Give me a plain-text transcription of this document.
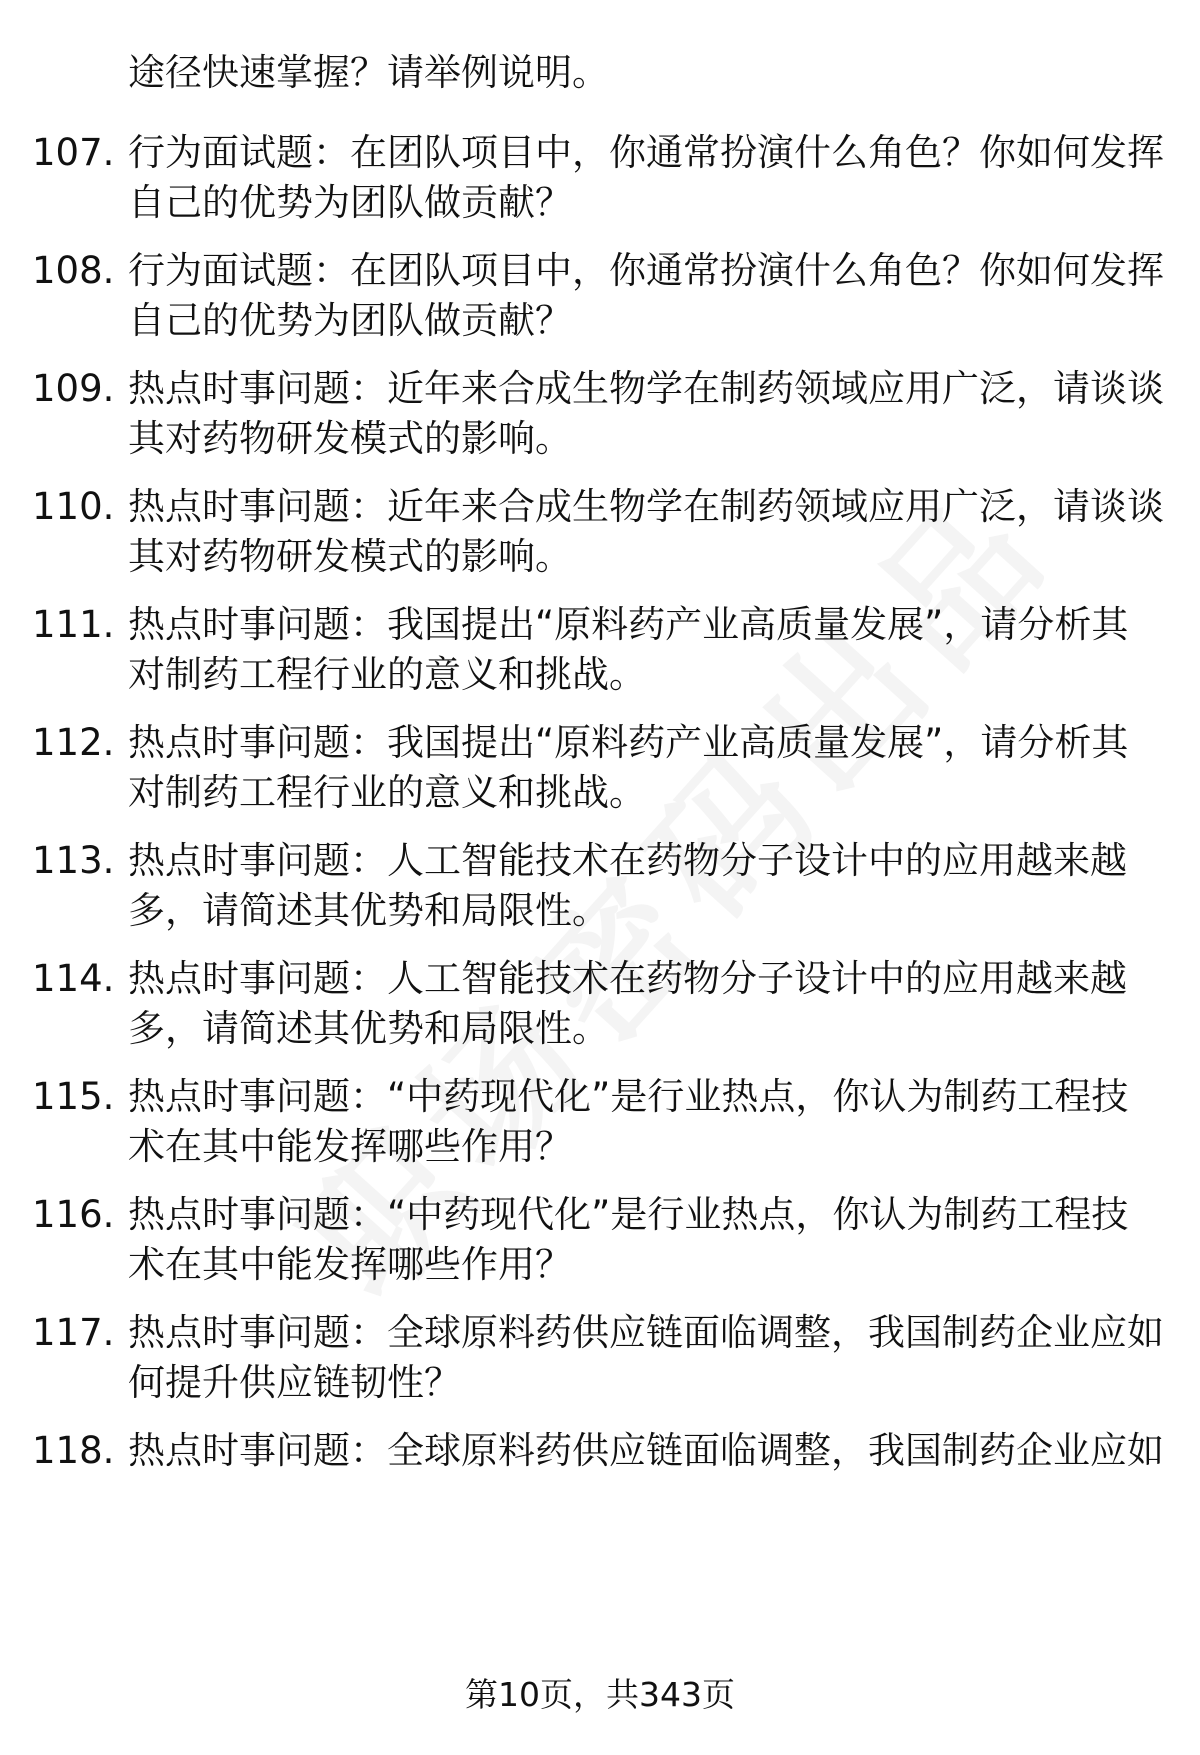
途径快速掌握？请举例说明。
107. 行为面试题：在团队项目中，你通常扮演什么角色？你如何发挥
自己的优势为团队做贡献？
108. 行为面试题：在团队项目中，你通常扮演什么角色？你如何发挥
自己的优势为团队做贡献？
109. 热点时事问题：近年来合成生物学在制药领域应用广泛，请谈谈
其对药物研发模式的影响。
110. 热点时事问题：近年来合成生物学在制药领域应用广泛，请谈谈
其对药物研发模式的影响。
111. 热点时事问题：我国提出“原料药产业高质量发展”，请分析其
对制药工程行业的意义和挑战。
112. 热点时事问题：我国提出“原料药产业高质量发展”，请分析其
对制药工程行业的意义和挑战。
113. 热点时事问题：人工智能技术在药物分子设计中的应用越来越
多，请简述其优势和局限性。
114. 热点时事问题：人工智能技术在药物分子设计中的应用越来越
多，请简述其优势和局限性。
115. 热点时事问题：“中药现代化”是行业热点，你认为制药工程技
术在其中能发挥哪些作用？
116. 热点时事问题：“中药现代化”是行业热点，你认为制药工程技
术在其中能发挥哪些作用？
117. 热点时事问题：全球原料药供应链面临调整，我国制药企业应如
何提升供应链韧性？
118. 热点时事问题：全球原料药供应链面临调整，我国制药企业应如
第10页，共343页
